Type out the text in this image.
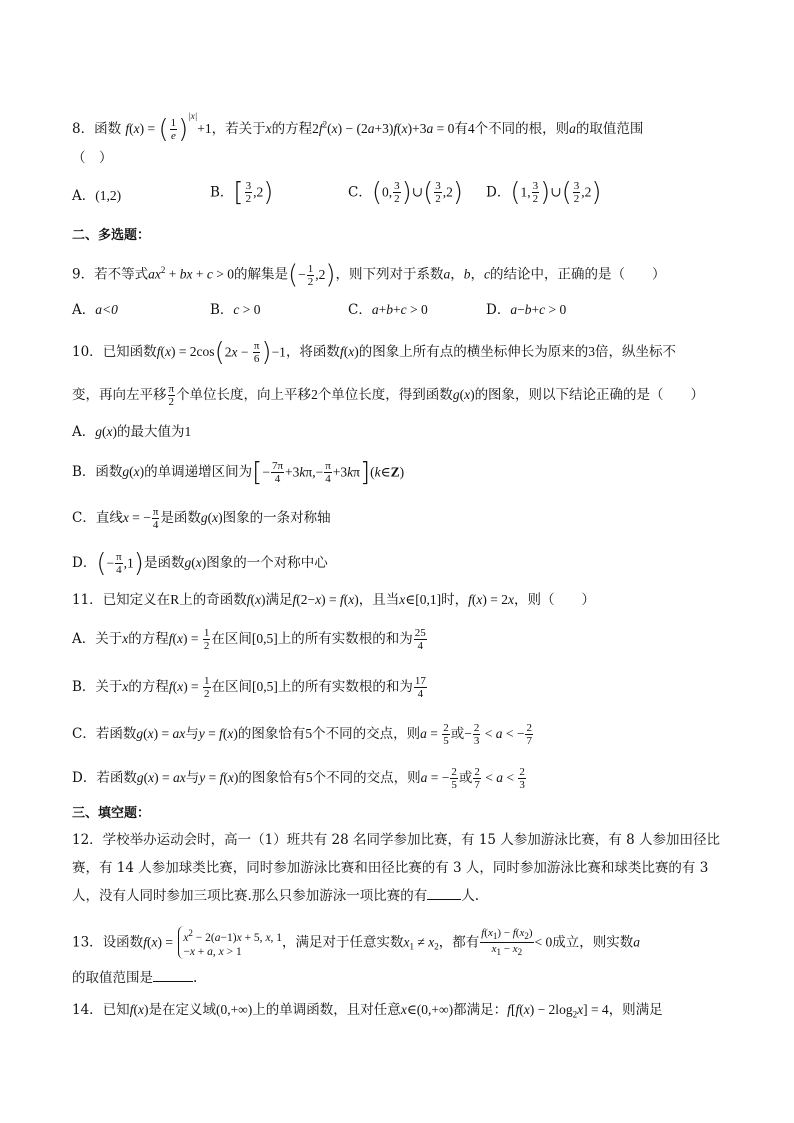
8．函数 f(x) = ( $\frac{1}{e} )^{|x|}+1$，若关于x的方程$2f^2(x) - (2a+3)f(x)+3a = 0$有4个不同的根，则a的取值范围
（　）
A．(1,2)	B．[ $\frac{3}{2} ,2$)	C．(0, $\frac{3}{2}$ )∪( $\frac{3}{2} ,2$) D．(1, $\frac{3}{2}$ )∪( $\frac{3}{2} ,2$)
二、多选题：
9．若不等式$ax^2$ + bx + c > 0的解集是(− $\frac{1}{2} ,2$)，则下列对于系数a，b，c的结论中，正确的是（　　）
A．a<0	B．c > 0	C．a+b+c > 0	D．a−b+c > 0
10．已知函数$f(x) = 2\cos(2x - \frac{\pi}{6} )-1$，将函数f(x)的图象上所有点的横坐标伸长为原来的3倍，纵坐标不
变，再向左平移 $\frac{\pi}{2}$ 个单位长度，向上平移2个单位长度，得到函数g(x)的图象，则以下结论正确的是（　　）
A．g(x)的最大值为1
B．函数g(x)的单调递增区间为[− $\frac{7\pi}{4} +3k\pi,- \frac{\pi}{4}$ +3kπ](k∈Z)
C．直线x = − $\frac{\pi}{4}$ 是函数g(x)图象的一条对称轴
D．(− $\frac{\pi}{4} ,1$)是函数g(x)图象的一个对称中心
11．已知定义在R上的奇函数f(x)满足f(2−x) = f(x)，且当x∈[0,1]时，f(x) = 2x，则（　　）
A．关于x的方程$f(x) = \frac{1}{2}$ 在区间[0,5]上的所有实数根的和为 $\frac{25}{4}$
B．关于x的方程$f(x) = \frac{1}{2}$ 在区间[0,5]上的所有实数根的和为 $\frac{17}{4}$
C．若函数g(x) = ax与y = f(x)的图象恰有5个不同的交点，则$a = \frac{2}{5}$ 或− $\frac{2}{3} < a$ < − $\frac{2}{7}$
D．若函数g(x) = ax与y = f(x)的图象恰有5个不同的交点，则a = − $\frac{2}{5}$ 或 $\frac{2}{7} < a < \frac{2}{3}$
三、填空题：
12．学校举办运动会时，高一（1）班共有 28 名同学参加比赛，有 15 人参加游泳比赛，有 8 人参加田径比
赛，有 14 人参加球类比赛，同时参加游泳比赛和田径比赛的有 3 人，同时参加游泳比赛和球类比赛的有 3
人，没有人同时参加三项比赛.那么只参加游泳一项比赛的有	人.
13．设函数$f(x) = x^2 - 2(a-1)x + 5$, x, 1
−x + a, x > 1
，满足对于任意实数$x_1 \ne x_2$，都有 $\frac{f(x_1) - f(x_2)}{x_1 - x_2} < 0$成立，则实数a
的取值范围是	.
14．已知f(x)是在定义域(0,+∞)上的单调函数，且对任意x∈(0,+∞)都满足：$f[f(x) - 2\log_2x] = 4$，则满足
